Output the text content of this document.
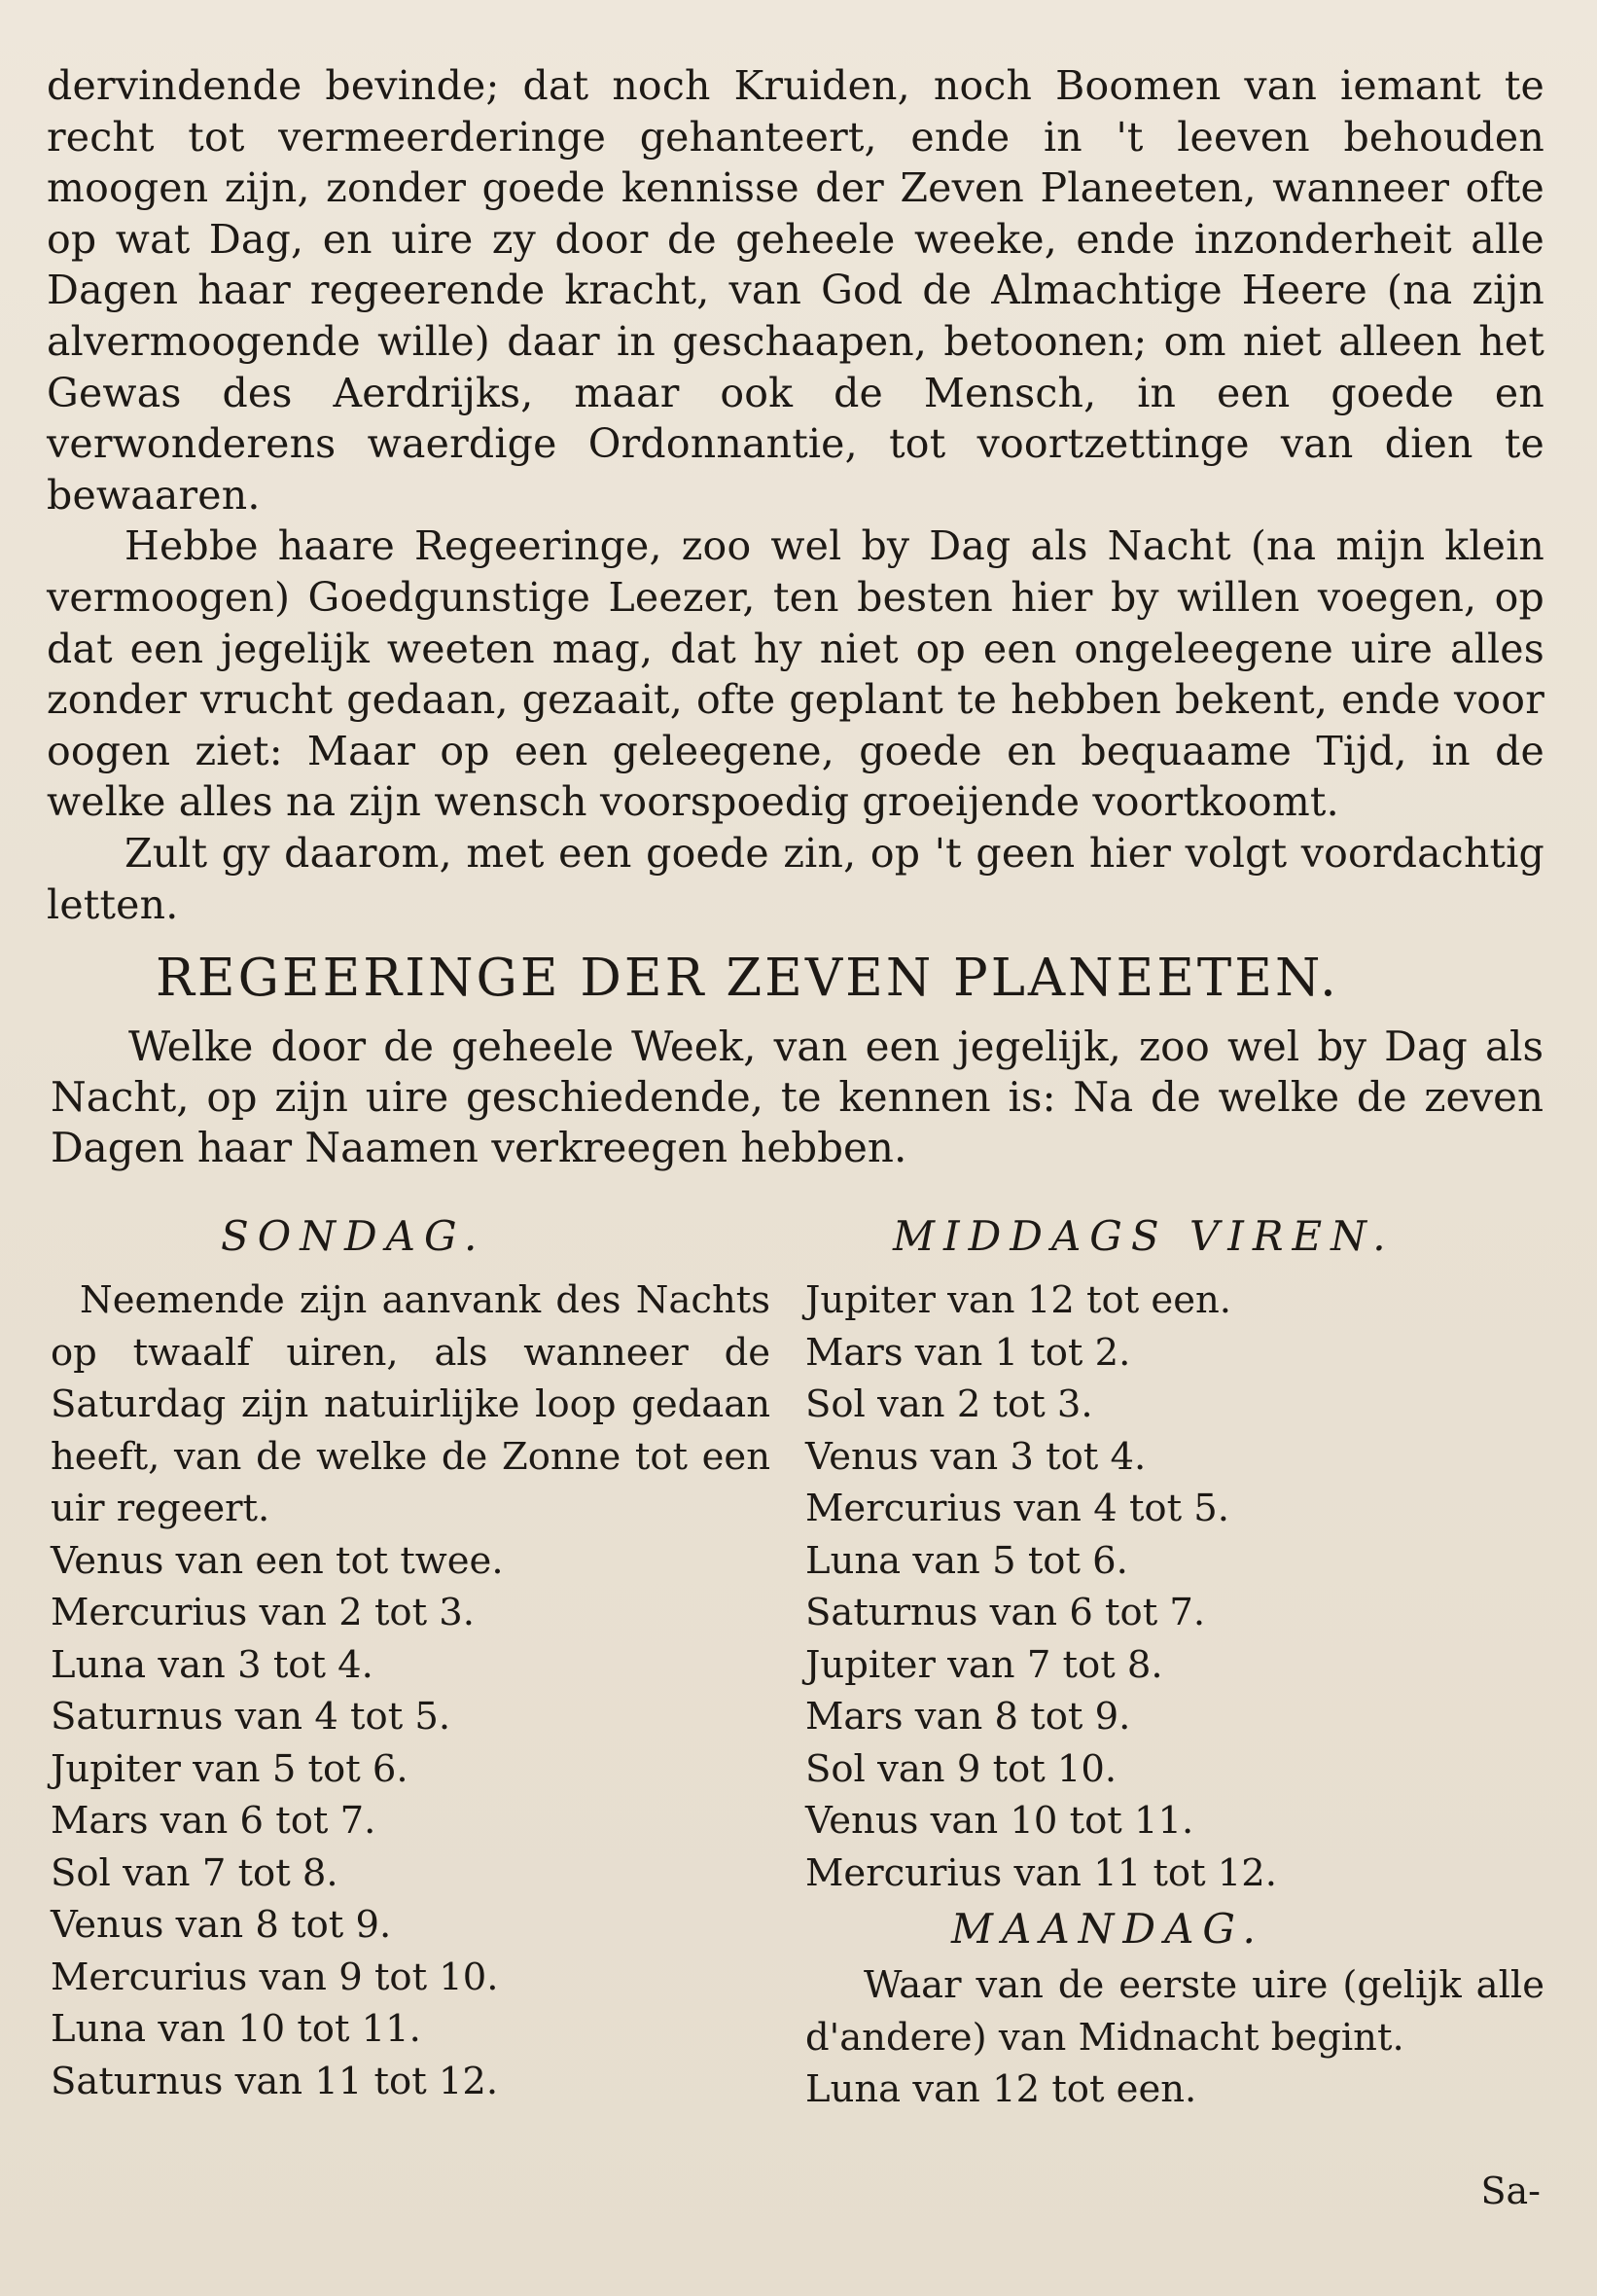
dervindende bevinde; dat noch Kruiden, noch Boomen van iemant te recht tot vermeerderinge gehanteert, ende in 't leeven behouden moogen zijn, zonder goede kennisse der Zeven Planeeten, wanneer ofte op wat Dag, en uire zy door de geheele weeke, ende inzonderheit alle Dagen haar regeerende kracht, van God de Almachtige Heere (na zijn alvermoogende wille) daar in geschaapen, betoonen; om niet alleen het Gewas des Aerdrijks, maar ook de Mensch, in een goede en verwonderens waerdige Ordonnantie, tot voortzettinge van dien te bewaaren.

Hebbe haare Regeeringe, zoo wel by Dag als Nacht (na mijn klein vermoogen) Goedgunstige Leezer, ten besten hier by willen voegen, op dat een jegelijk weeten mag, dat hy niet op een ongeleegene uire alles zonder vrucht gedaan, gezaait, ofte geplant te hebben bekent, ende voor oogen ziet: Maar op een geleegene, goede en bequaame Tijd, in de welke alles na zijn wensch voorspoedig groeijende voortkoomt.

Zult gy daarom, met een goede zin, op 't geen hier volgt voordachtig letten.

REGEERINGE DER ZEVEN PLANEETEN.

Welke door de geheele Week, van een jegelijk, zoo wel by Dag als Nacht, op zijn uire geschiedende, te kennen is: Na de welke de zeven Dagen haar Naamen verkreegen hebben.

SONDAG.

Neemende zijn aanvank des Nachts op twaalf uiren, als wanneer de Saturdag zijn natuirlijke loop gedaan heeft, van de welke de Zonne tot een uir regeert.

Venus van een tot twee.
Mercurius van 2 tot 3.
Luna van 3 tot 4.
Saturnus van 4 tot 5.
Jupiter van 5 tot 6.
Mars van 6 tot 7.
Sol van 7 tot 8.
Venus van 8 tot 9.
Mercurius van 9 tot 10.
Luna van 10 tot 11.
Saturnus van 11 tot 12.
MIDDAGS VIREN.
Jupiter van 12 tot een.
Mars van 1 tot 2.
Sol van 2 tot 3.
Venus van 3 tot 4.
Mercurius van 4 tot 5.
Luna van 5 tot 6.
Saturnus van 6 tot 7.
Jupiter van 7 tot 8.
Mars van 8 tot 9.
Sol van 9 tot 10.
Venus van 10 tot 11.
Mercurius van 11 tot 12.
MAANDAG.

Waar van de eerste uire (gelijk alle d'andere) van Midnacht begint.

Luna van 12 tot een.
Sa-
